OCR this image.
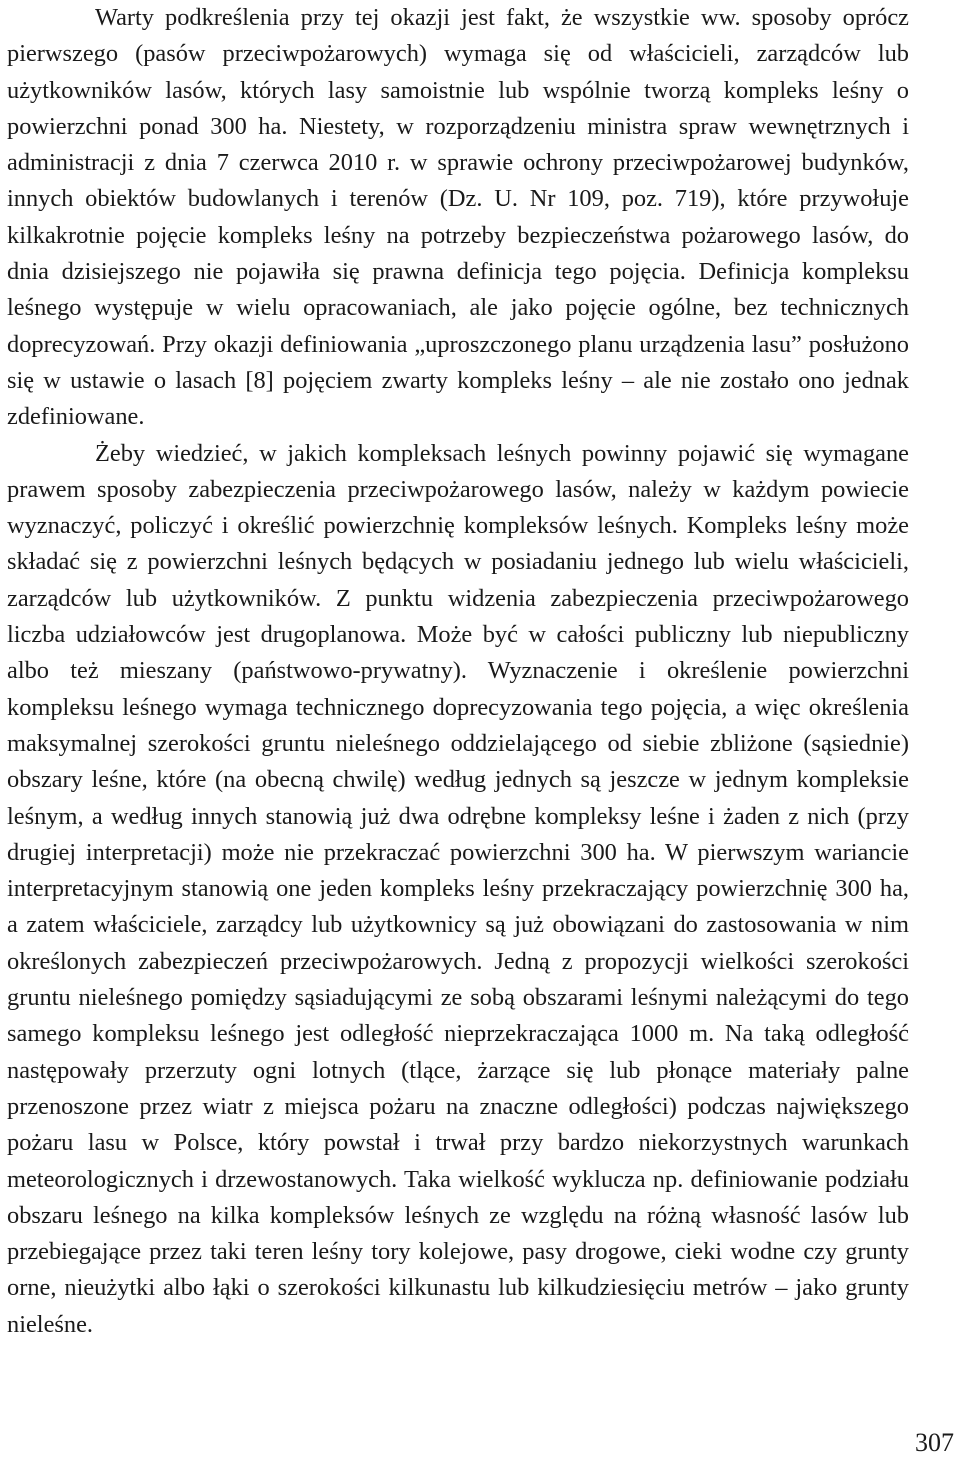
Warty podkreślenia przy tej okazji jest fakt, że wszystkie ww. sposoby oprócz pierwszego (pasów przeciwpożarowych) wymaga się od właścicieli, zarządców lub użytkowników lasów, których lasy samoistnie lub wspólnie tworzą kompleks leśny o powierzchni ponad 300 ha. Niestety, w rozporządzeniu ministra spraw wewnętrznych i administracji z dnia 7 czerwca 2010 r. w sprawie ochrony przeciwpożarowej budynków, innych obiektów budowlanych i terenów (Dz. U. Nr 109, poz. 719), które przywołuje kilkakrotnie pojęcie kompleks leśny na potrzeby bezpieczeństwa pożarowego lasów, do dnia dzisiejszego nie pojawiła się prawna definicja tego pojęcia. Definicja kompleksu leśnego występuje w wielu opracowaniach, ale jako pojęcie ogólne, bez technicznych doprecyzowań. Przy okazji definiowania „uproszczonego planu urządzenia lasu” posłużono się w ustawie o lasach [8] pojęciem zwarty kompleks leśny – ale nie zostało ono jednak zdefiniowane.

Żeby wiedzieć, w jakich kompleksach leśnych powinny pojawić się wymagane prawem sposoby zabezpieczenia przeciwpożarowego lasów, należy w każdym powiecie wyznaczyć, policzyć i określić powierzchnię kompleksów leśnych. Kompleks leśny może składać się z powierzchni leśnych będących w posiadaniu jednego lub wielu właścicieli, zarządców lub użytkowników. Z punktu widzenia zabezpieczenia przeciwpożarowego liczba udziałowców jest drugoplanowa. Może być w całości publiczny lub niepubliczny albo też mieszany (państwowo-prywatny). Wyznaczenie i określenie powierzchni kompleksu leśnego wymaga technicznego doprecyzowania tego pojęcia, a więc określenia maksymalnej szerokości gruntu nieleśnego oddzielającego od siebie zbliżone (sąsiednie) obszary leśne, które (na obecną chwilę) według jednych są jeszcze w jednym kompleksie leśnym, a według innych stanowią już dwa odrębne kompleksy leśne i żaden z nich (przy drugiej interpretacji) może nie przekraczać powierzchni 300 ha. W pierwszym wariancie interpretacyjnym stanowią one jeden kompleks leśny przekraczający powierzchnię 300 ha, a zatem właściciele, zarządcy lub użytkownicy są już obowiązani do zastosowania w nim określonych zabezpieczeń przeciwpożarowych. Jedną z propozycji wielkości szerokości gruntu nieleśnego pomiędzy sąsiadującymi ze sobą obszarami leśnymi należącymi do tego samego kompleksu leśnego jest odległość nieprzekraczająca 1000 m. Na taką odległość następowały przerzuty ogni lotnych (tlące, żarzące się lub płonące materiały palne przenoszone przez wiatr z miejsca pożaru na znaczne odległości) podczas największego pożaru lasu w Polsce, który powstał i trwał przy bardzo niekorzystnych warunkach meteorologicznych i drzewostanowych. Taka wielkość wyklucza np. definiowanie podziału obszaru leśnego na kilka kompleksów leśnych ze względu na różną własność lasów lub przebiegające przez taki teren leśny tory kolejowe, pasy drogowe, cieki wodne czy grunty orne, nieużytki albo łąki o szerokości kilkunastu lub kilkudziesięciu metrów – jako grunty nieleśne.

307
